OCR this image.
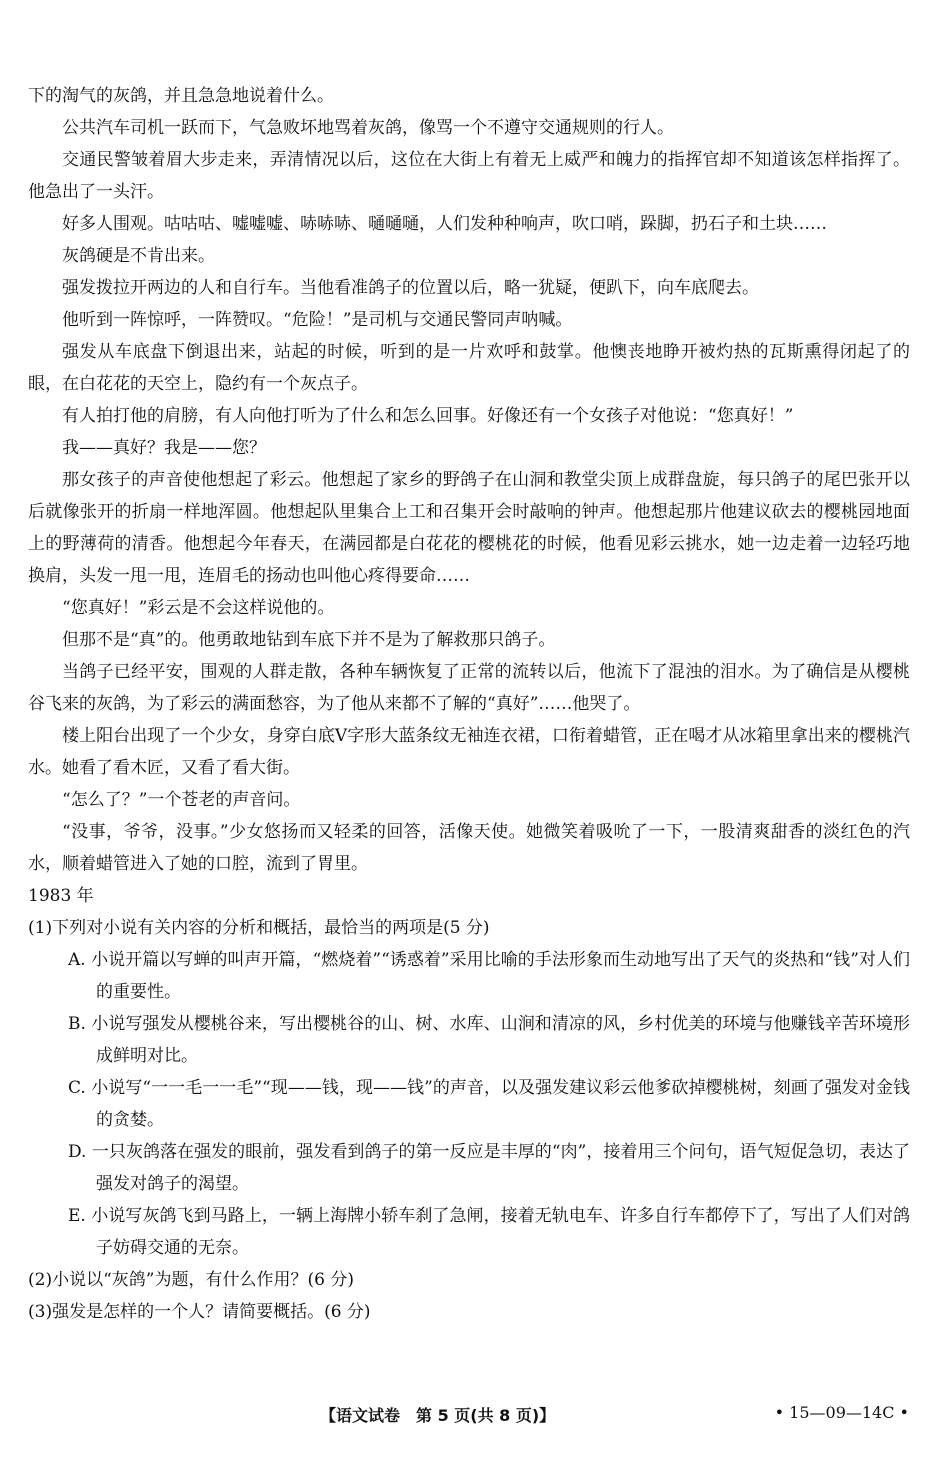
下的淘气的灰鸽，并且急急地说着什么。

公共汽车司机一跃而下，气急败坏地骂着灰鸽，像骂一个不遵守交通规则的行人。

交通民警皱着眉大步走来，弄清情况以后，这位在大街上有着无上威严和魄力的指挥官却不知道该怎样指挥了。他急出了一头汗。

好多人围观。咕咕咕、嘘嘘嘘、哧哧哧、嗵嗵嗵，人们发种种响声，吹口哨，跺脚，扔石子和土块……

灰鸽硬是不肯出来。

强发拨拉开两边的人和自行车。当他看准鸽子的位置以后，略一犹疑，便趴下，向车底爬去。

他听到一阵惊呼，一阵赞叹。“危险！”是司机与交通民警同声呐喊。

强发从车底盘下倒退出来，站起的时候，听到的是一片欢呼和鼓掌。他懊丧地睁开被灼热的瓦斯熏得闭起了的眼，在白花花的天空上，隐约有一个灰点子。

有人拍打他的肩膀，有人向他打听为了什么和怎么回事。好像还有一个女孩子对他说：“您真好！”

我——真好？我是——您？

那女孩子的声音使他想起了彩云。他想起了家乡的野鸽子在山洞和教堂尖顶上成群盘旋，每只鸽子的尾巴张开以后就像张开的折扇一样地浑圆。他想起队里集合上工和召集开会时敲响的钟声。他想起那片他建议砍去的樱桃园地面上的野薄荷的清香。他想起今年春天，在满园都是白花花的樱桃花的时候，他看见彩云挑水，她一边走着一边轻巧地换肩，头发一甩一甩，连眉毛的扬动也叫他心疼得要命……

“您真好！”彩云是不会这样说他的。

但那不是“真”的。他勇敢地钻到车底下并不是为了解救那只鸽子。

当鸽子已经平安，围观的人群走散，各种车辆恢复了正常的流转以后，他流下了混浊的泪水。为了确信是从樱桃谷飞来的灰鸽，为了彩云的满面愁容，为了他从来都不了解的“真好”……他哭了。

楼上阳台出现了一个少女，身穿白底V字形大蓝条纹无袖连衣裙，口衔着蜡管，正在喝才从冰箱里拿出来的樱桃汽水。她看了看木匠，又看了看大街。

“怎么了？”一个苍老的声音问。

“没事，爷爷，没事。”少女悠扬而又轻柔的回答，活像天使。她微笑着吸吮了一下，一股清爽甜香的淡红色的汽水，顺着蜡管进入了她的口腔，流到了胃里。

1983 年

(1)下列对小说有关内容的分析和概括，最恰当的两项是(5 分)

A. 小说开篇以写蝉的叫声开篇，“燃烧着”“诱惑着”采用比喻的手法形象而生动地写出了天气的炎热和“钱”对人们的重要性。

B. 小说写强发从樱桃谷来，写出樱桃谷的山、树、水库、山涧和清凉的风，乡村优美的环境与他赚钱辛苦环境形成鲜明对比。

C. 小说写“一一毛一一毛”“现——钱，现——钱”的声音，以及强发建议彩云他爹砍掉樱桃树，刻画了强发对金钱的贪婪。

D. 一只灰鸽落在强发的眼前，强发看到鸽子的第一反应是丰厚的“肉”，接着用三个问句，语气短促急切，表达了强发对鸽子的渴望。

E. 小说写灰鸽飞到马路上，一辆上海牌小轿车刹了急闸，接着无轨电车、许多自行车都停下了，写出了人们对鸽子妨碍交通的无奈。

(2)小说以“灰鸽”为题，有什么作用？(6 分)

(3)强发是怎样的一个人？请简要概括。(6 分)

【语文试卷　第 5 页(共 8 页)】	• 15—09—14C •
